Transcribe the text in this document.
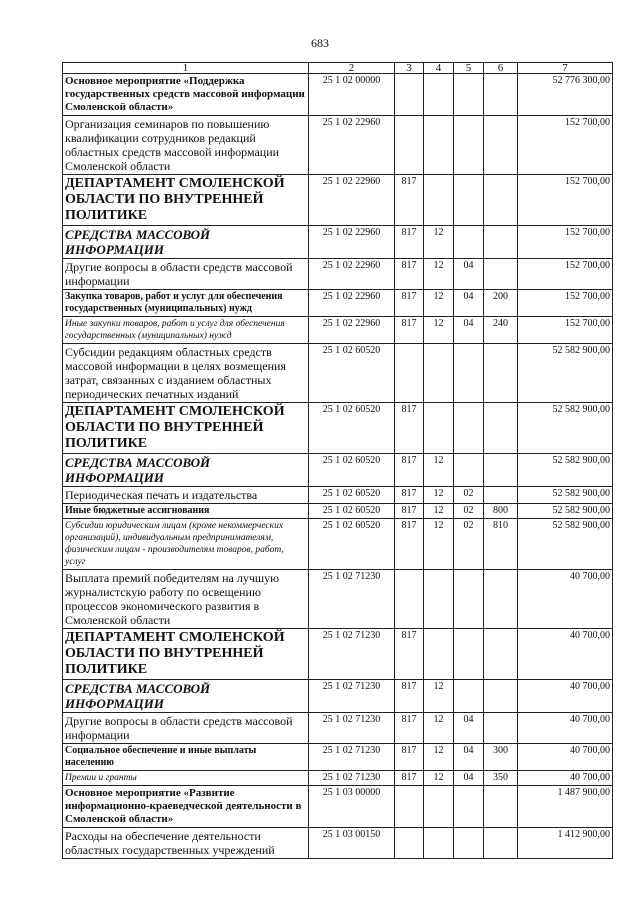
683
1	2	3	4	5	6	7
Основное мероприятие «Поддержка государственных средств массовой информации Смоленской области»	25 1 02 00000					52 776 300,00
Организация семинаров по повышению квалификации сотрудников редакций областных средств массовой информации Смоленской области	25 1 02 22960					152 700,00
ДЕПАРТАМЕНТ СМОЛЕНСКОЙ ОБЛАСТИ ПО ВНУТРЕННЕЙ ПОЛИТИКЕ	25 1 02 22960	817				152 700,00
СРЕДСТВА МАССОВОЙ ИНФОРМАЦИИ	25 1 02 22960	817	12			152 700,00
Другие вопросы в области средств массовой информации	25 1 02 22960	817	12	04		152 700,00
Закупка товаров, работ и услуг для обеспечения государственных (муниципальных) нужд	25 1 02 22960	817	12	04	200	152 700,00
Иные закупки товаров, работ и услуг для обеспечения государственных (муниципальных) нужд	25 1 02 22960	817	12	04	240	152 700,00
Субсидии редакциям областных средств массовой информации в целях возмещения затрат, связанных с изданием областных периодических печатных изданий	25 1 02 60520					52 582 900,00
ДЕПАРТАМЕНТ СМОЛЕНСКОЙ ОБЛАСТИ ПО ВНУТРЕННЕЙ ПОЛИТИКЕ	25 1 02 60520	817				52 582 900,00
СРЕДСТВА МАССОВОЙ ИНФОРМАЦИИ	25 1 02 60520	817	12			52 582 900,00
Периодическая печать и издательства	25 1 02 60520	817	12	02		52 582 900,00
Иные бюджетные ассигнования	25 1 02 60520	817	12	02	800	52 582 900,00
Субсидии юридическим лицам (кроме некоммерческих организаций), индивидуальным предпринимателям, физическим лицам - производителям товаров, работ, услуг	25 1 02 60520	817	12	02	810	52 582 900,00
Выплата премий победителям на лучшую журналистскую работу по освещению процессов экономического развития в Смоленской области	25 1 02 71230					40 700,00
ДЕПАРТАМЕНТ СМОЛЕНСКОЙ ОБЛАСТИ ПО ВНУТРЕННЕЙ ПОЛИТИКЕ	25 1 02 71230	817				40 700,00
СРЕДСТВА МАССОВОЙ ИНФОРМАЦИИ	25 1 02 71230	817	12			40 700,00
Другие вопросы в области средств массовой информации	25 1 02 71230	817	12	04		40 700,00
Социальное обеспечение и иные выплаты населению	25 1 02 71230	817	12	04	300	40 700,00
Премии и гранты	25 1 02 71230	817	12	04	350	40 700,00
Основное мероприятие «Развитие информационно-краеведческой деятельности в Смоленской области»	25 1 03 00000					1 487 900,00
Расходы на обеспечение деятельности областных государственных учреждений	25 1 03 00150					1 412 900,00
